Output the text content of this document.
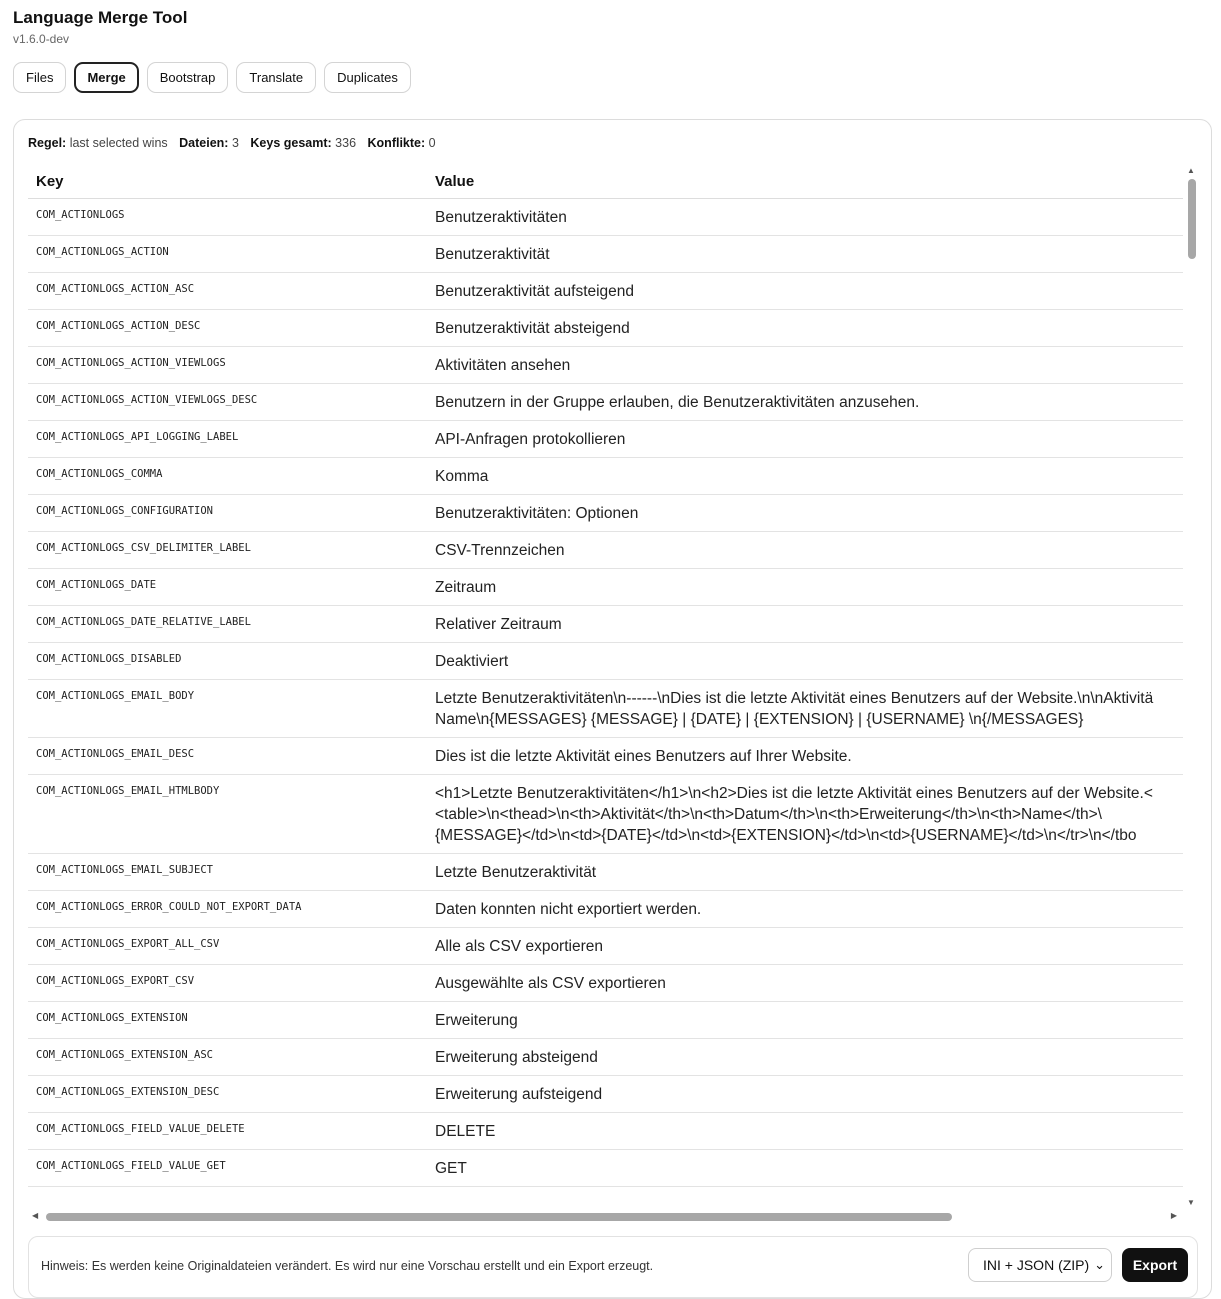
Language Merge Tool
v1.6.0-dev
Files	Merge	Bootstrap	Translate	Duplicates
Regel: last selected wins Dateien: 3 Keys gesamt: 336 Konflikte: 0
Key	Value
COM_ACTIONLOGS	Benutzeraktivitäten
COM_ACTIONLOGS_ACTION	Benutzeraktivität
COM_ACTIONLOGS_ACTION_ASC	Benutzeraktivität aufsteigend
COM_ACTIONLOGS_ACTION_DESC	Benutzeraktivität absteigend
COM_ACTIONLOGS_ACTION_VIEWLOGS	Aktivitäten ansehen
COM_ACTIONLOGS_ACTION_VIEWLOGS_DESC	Benutzern in der Gruppe erlauben, die Benutzeraktivitäten anzusehen.
COM_ACTIONLOGS_API_LOGGING_LABEL	API-Anfragen protokollieren
COM_ACTIONLOGS_COMMA	Komma
COM_ACTIONLOGS_CONFIGURATION	Benutzeraktivitäten: Optionen
COM_ACTIONLOGS_CSV_DELIMITER_LABEL	CSV-Trennzeichen
COM_ACTIONLOGS_DATE	Zeitraum
COM_ACTIONLOGS_DATE_RELATIVE_LABEL	Relativer Zeitraum
COM_ACTIONLOGS_DISABLED	Deaktiviert
COM_ACTIONLOGS_EMAIL_BODY	Letzte Benutzeraktivitäten\n------\nDies ist die letzte Aktivität eines Benutzers auf der Website.\n\nAktivitä
Name\n{MESSAGES} {MESSAGE} | {DATE} | {EXTENSION} | {USERNAME} \n{/MESSAGES}
COM_ACTIONLOGS_EMAIL_DESC	Dies ist die letzte Aktivität eines Benutzers auf Ihrer Website.
COM_ACTIONLOGS_EMAIL_HTMLBODY	<h1>Letzte Benutzeraktivitäten</h1>\n<h2>Dies ist die letzte Aktivität eines Benutzers auf der Website.<
<table>\n<thead>\n<th>Aktivität</th>\n<th>Datum</th>\n<th>Erweiterung</th>\n<th>Name</th>\
{MESSAGE}</td>\n<td>{DATE}</td>\n<td>{EXTENSION}</td>\n<td>{USERNAME}</td>\n</tr>\n</tbo
COM_ACTIONLOGS_EMAIL_SUBJECT	Letzte Benutzeraktivität
COM_ACTIONLOGS_ERROR_COULD_NOT_EXPORT_DATA	Daten konnten nicht exportiert werden.
COM_ACTIONLOGS_EXPORT_ALL_CSV	Alle als CSV exportieren
COM_ACTIONLOGS_EXPORT_CSV	Ausgewählte als CSV exportieren
COM_ACTIONLOGS_EXTENSION	Erweiterung
COM_ACTIONLOGS_EXTENSION_ASC	Erweiterung absteigend
COM_ACTIONLOGS_EXTENSION_DESC	Erweiterung aufsteigend
COM_ACTIONLOGS_FIELD_VALUE_DELETE	DELETE
COM_ACTIONLOGS_FIELD_VALUE_GET	GET
▲
▼
◀	▶
Hinweis: Es werden keine Originaldateien verändert. Es wird nur eine Vorschau erstellt und ein Export erzeugt.	INI + JSON (ZIP) ⌄	Export
